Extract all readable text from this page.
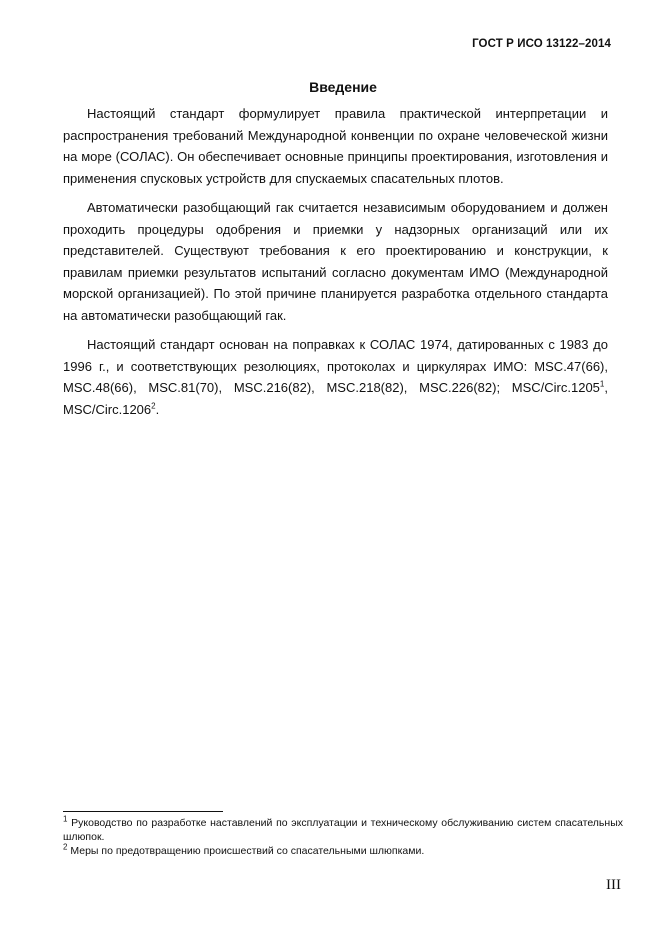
ГОСТ Р ИСО 13122–2014
Введение

Настоящий стандарт формулирует правила практической интерпретации и распространения требований Международной конвенции по охране человеческой жизни на море (СОЛАС). Он обеспечивает основные принципы проектирования, изготовления и применения спусковых устройств для спускаемых спасательных плотов.

Автоматически разобщающий гак считается независимым оборудованием и должен проходить процедуры одобрения и приемки у надзорных организаций или их представителей. Существуют требования к его проектированию и конструкции, к правилам приемки результатов испытаний согласно документам ИМО (Международной морской организацией). По этой причине планируется разработка отдельного стандарта на автоматически разобщающий гак.

Настоящий стандарт основан на поправках к СОЛАС 1974, датированных с 1983 до 1996 г., и соответствующих резолюциях, протоколах и циркулярах ИМО: MSC.47(66), MSC.48(66), MSC.81(70), MSC.216(82), MSC.218(82), MSC.226(82); MSC/Circ.1205$^1$, MSC/Circ.1206$^2$.

$^1$ Руководство по разработке наставлений по эксплуатации и техническому обслуживанию систем спасательных шлюпок.
$^2$ Меры по предотвращению происшествий со спасательными шлюпками.
III
